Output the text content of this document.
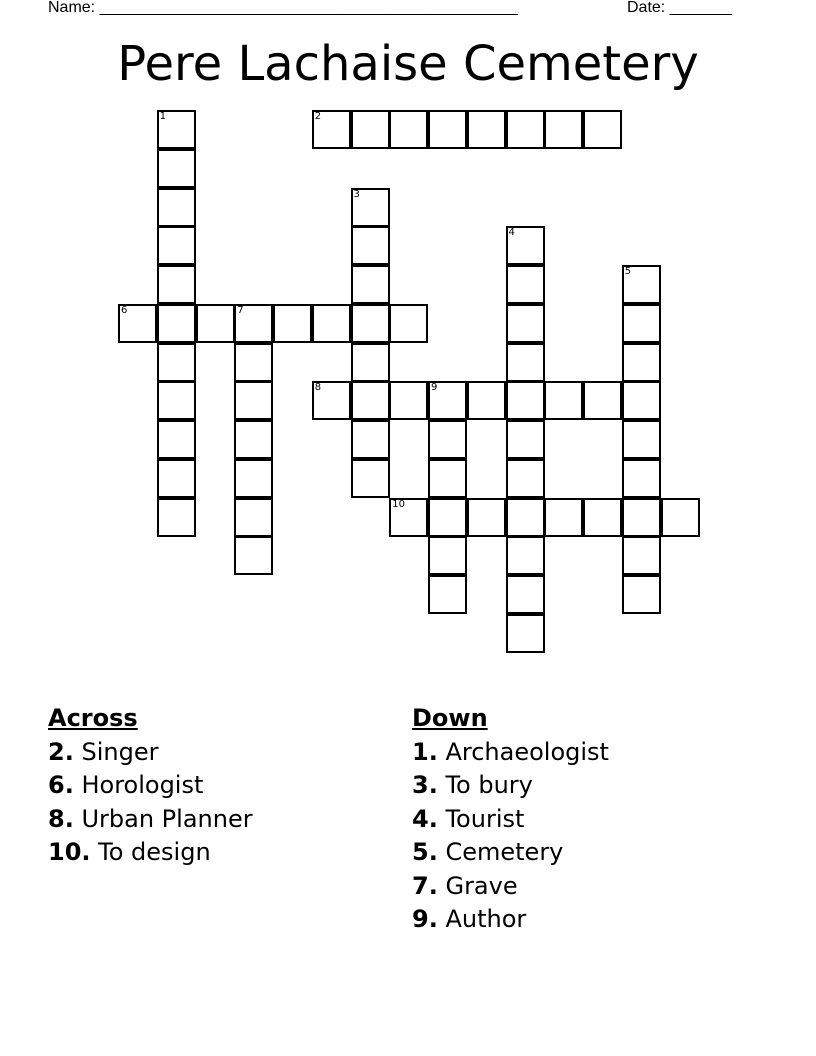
Name: _______________________________________________	Date: _______
Pere Lachaise Cemetery
2
6	7
8	9
10
1
3
4
5
Across
2. Singer
6. Horologist
8. Urban Planner
10. To design
Down
1. Archaeologist
3. To bury
4. Tourist
5. Cemetery
7. Grave
9. Author
